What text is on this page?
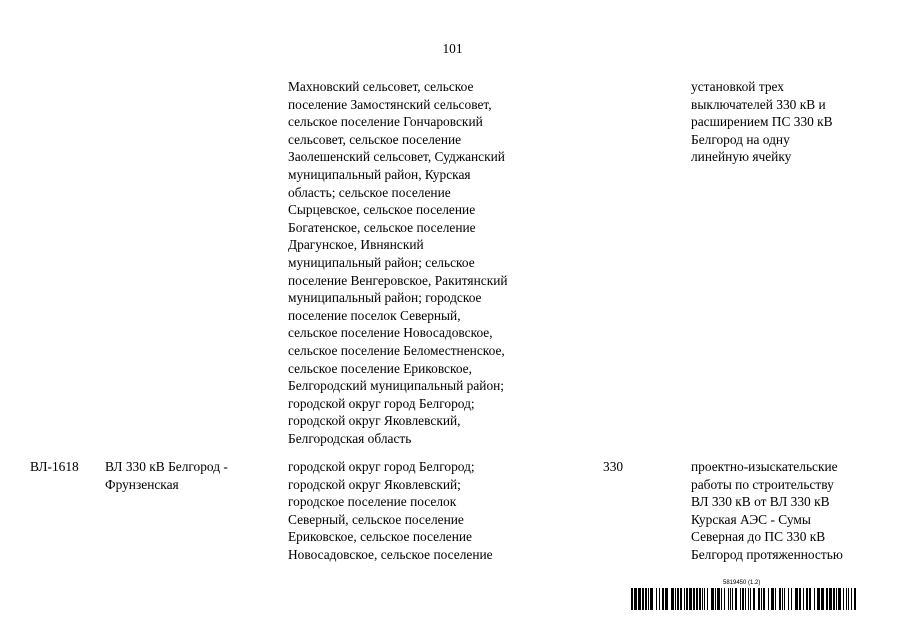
101
Махновский сельсовет, сельское
поселение Замостянский сельсовет,
сельское поселение Гончаровский
сельсовет, сельское поселение
Заолешенский сельсовет, Суджанский
муниципальный район, Курская
область; сельское поселение
Сырцевское, сельское поселение
Богатенское, сельское поселение
Драгунское, Ивнянский
муниципальный район; сельское
поселение Венгеровское, Ракитянский
муниципальный район; городское
поселение поселок Северный,
сельское поселение Новосадовское,
сельское поселение Беломестненское,
сельское поселение Ериковское,
Белгородский муниципальный район;
городской округ город Белгород;
городской округ Яковлевский,
Белгородская область
установкой трех
выключателей 330 кВ и
расширением ПС 330 кВ
Белгород на одну
линейную ячейку
ВЛ-1618 ВЛ 330 кВ Белгород -
Фрунзенская
городской округ город Белгород;
городской округ Яковлевский;
городское поселение поселок
Северный, сельское поселение
Ериковское, сельское поселение
Новосадовское, сельское поселение
330	проектно-изыскательские
работы по строительству
ВЛ 330 кВ от ВЛ 330 кВ
Курская АЭС - Сумы
Северная до ПС 330 кВ
Белгород протяженностью
5819450 (1.2)
